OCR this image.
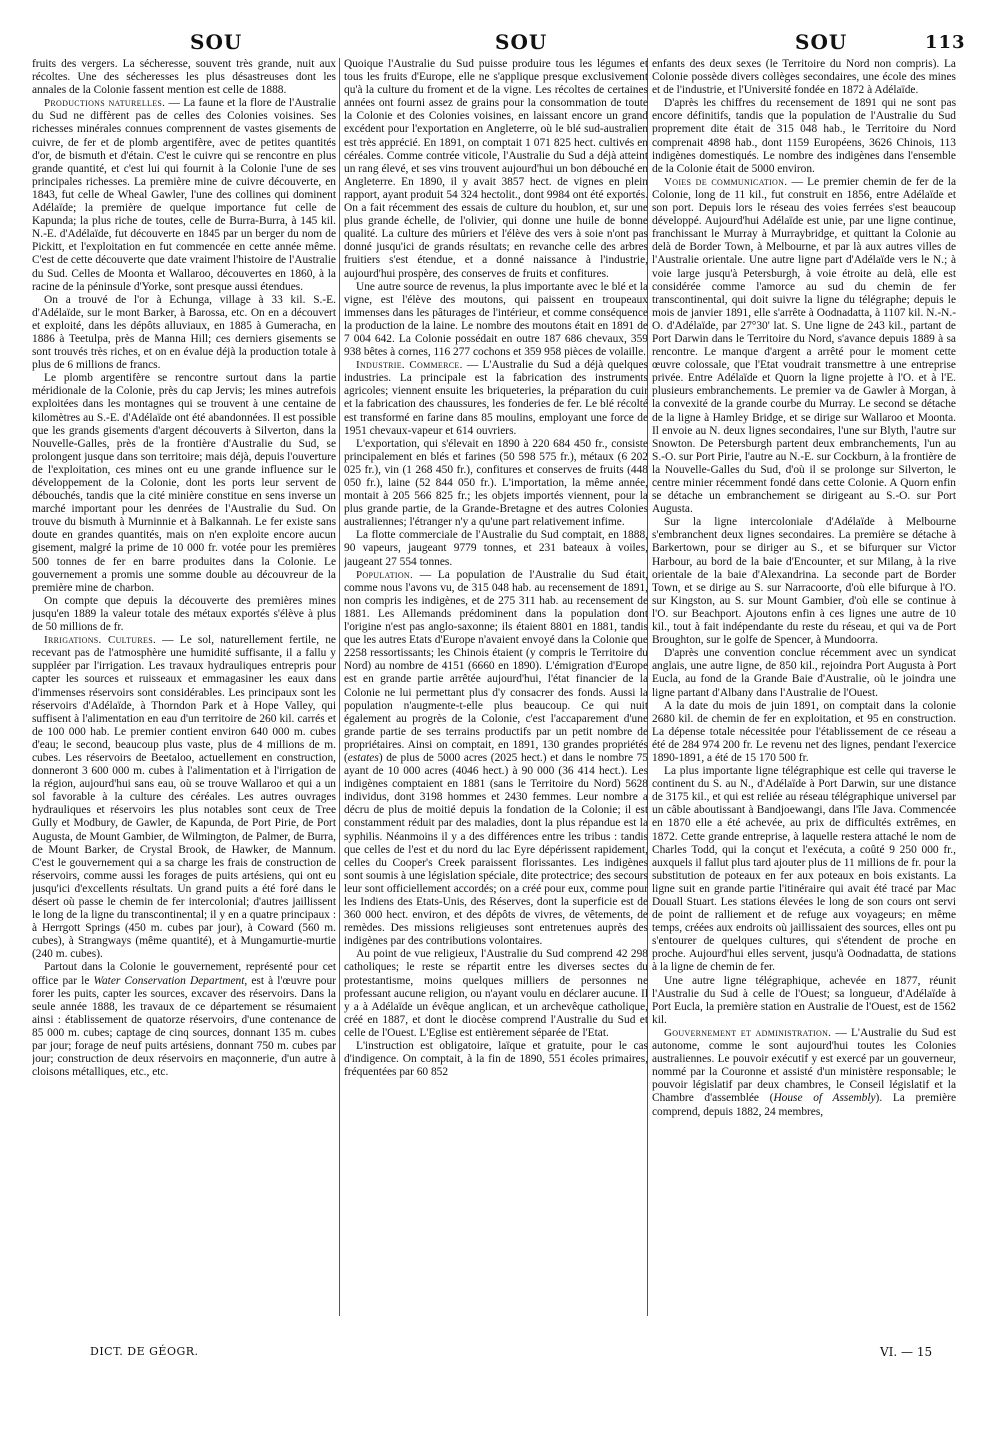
SOU	SOU	SOU	113

fruits des vergers. La sécheresse, souvent très grande, nuit aux récoltes. Une des sécheresses les plus désastreuses dont les annales de la Colonie fassent mention est celle de 1888.

Productions naturelles. — La faune et la flore de l'Australie du Sud ne diffèrent pas de celles des Colonies voisines. Ses richesses minérales connues comprennent de vastes gisements de cuivre, de fer et de plomb argentifère, avec de petites quantités d'or, de bismuth et d'étain. C'est le cuivre qui se rencontre en plus grande quantité, et c'est lui qui fournit à la Colonie l'une de ses principales richesses. La première mine de cuivre découverte, en 1843, fut celle de Wheal Gawler, l'une des collines qui dominent Adélaïde; la première de quelque importance fut celle de Kapunda; la plus riche de toutes, celle de Burra-Burra, à 145 kil. N.-E. d'Adélaïde, fut découverte en 1845 par un berger du nom de Pickitt, et l'exploitation en fut commencée en cette année même. C'est de cette découverte que date vraiment l'histoire de l'Australie du Sud. Celles de Moonta et Wallaroo, découvertes en 1860, à la racine de la péninsule d'Yorke, sont presque aussi étendues.

On a trouvé de l'or à Echunga, village à 33 kil. S.-E. d'Adélaïde, sur le mont Barker, à Barossa, etc. On en a découvert et exploité, dans les dépôts alluviaux, en 1885 à Gumeracha, en 1886 à Teetulpa, près de Manna Hill; ces derniers gisements se sont trouvés très riches, et on en évalue déjà la production totale à plus de 6 millions de francs.

Le plomb argentifère se rencontre surtout dans la partie méridionale de la Colonie, près du cap Jervis; les mines autrefois exploitées dans les montagnes qui se trouvent à une centaine de kilomètres au S.-E. d'Adélaïde ont été abandonnées. Il est possible que les grands gisements d'argent découverts à Silverton, dans la Nouvelle-Galles, près de la frontière d'Australie du Sud, se prolongent jusque dans son territoire; mais déjà, depuis l'ouverture de l'exploitation, ces mines ont eu une grande influence sur le développement de la Colonie, dont les ports leur servent de débouchés, tandis que la cité minière constitue en sens inverse un marché important pour les denrées de l'Australie du Sud. On trouve du bismuth à Murninnie et à Balkannah. Le fer existe sans doute en grandes quantités, mais on n'en exploite encore aucun gisement, malgré la prime de 10 000 fr. votée pour les premières 500 tonnes de fer en barre produites dans la Colonie. Le gouvernement a promis une somme double au découvreur de la première mine de charbon.

On compte que depuis la découverte des premières mines jusqu'en 1889 la valeur totale des métaux exportés s'élève à plus de 50 millions de fr.

Irrigations. Cultures. — Le sol, naturellement fertile, ne recevant pas de l'atmosphère une humidité suffisante, il a fallu y suppléer par l'irrigation. Les travaux hydrauliques entrepris pour capter les sources et ruisseaux et emmagasiner les eaux dans d'immenses réservoirs sont considérables. Les principaux sont les réservoirs d'Adélaïde, à Thorndon Park et à Hope Valley, qui suffisent à l'alimentation en eau d'un territoire de 260 kil. carrés et de 100 000 hab. Le premier contient environ 640 000 m. cubes d'eau; le second, beaucoup plus vaste, plus de 4 millions de m. cubes. Les réservoirs de Beetaloo, actuellement en construction, donneront 3 600 000 m. cubes à l'alimentation et à l'irrigation de la région, aujourd'hui sans eau, où se trouve Wallaroo et qui a un sol favorable à la culture des céréales. Les autres ouvrages hydrauliques et réservoirs les plus notables sont ceux de Tree Gully et Modbury, de Gawler, de Kapunda, de Port Pirie, de Port Augusta, de Mount Gambier, de Wilmington, de Palmer, de Burra, de Mount Barker, de Crystal Brook, de Hawker, de Mannum. C'est le gouvernement qui a sa charge les frais de construction de réservoirs, comme aussi les forages de puits artésiens, qui ont eu jusqu'ici d'excellents résultats. Un grand puits a été foré dans le désert où passe le chemin de fer intercolonial; d'autres jaillissent le long de la ligne du transcontinental; il y en a quatre principaux : à Herrgott Springs (450 m. cubes par jour), à Coward (560 m. cubes), à Strangways (même quantité), et à Mungamurtie-murtie (240 m. cubes).

Partout dans la Colonie le gouvernement, représenté pour cet office par le Water Conservation Department, est à l'œuvre pour forer les puits, capter les sources, excaver des réservoirs. Dans la seule année 1888, les travaux de ce département se résumaient ainsi : établissement de quatorze réservoirs, d'une contenance de 85 000 m. cubes; captage de cinq sources, donnant 135 m. cubes par jour; forage de neuf puits artésiens, donnant 750 m. cubes par jour; construction de deux réservoirs en maçonnerie, d'un autre à cloisons métalliques, etc., etc.

Quoique l'Australie du Sud puisse produire tous les légumes et tous les fruits d'Europe, elle ne s'applique presque exclusivement qu'à la culture du froment et de la vigne. Les récoltes de certaines années ont fourni assez de grains pour la consommation de toute la Colonie et des Colonies voisines, en laissant encore un grand excédent pour l'exportation en Angleterre, où le blé sud-australien est très apprécié. En 1891, on comptait 1 071 825 hect. cultivés en céréales. Comme contrée viticole, l'Australie du Sud a déjà atteint un rang élevé, et ses vins trouvent aujourd'hui un bon débouché en Angleterre. En 1890, il y avait 3857 hect. de vignes en plein rapport, ayant produit 54 324 hectolit., dont 9984 ont été exportés. On a fait récemment des essais de culture du houblon, et, sur une plus grande échelle, de l'olivier, qui donne une huile de bonne qualité. La culture des mûriers et l'élève des vers à soie n'ont pas donné jusqu'ici de grands résultats; en revanche celle des arbres fruitiers s'est étendue, et a donné naissance à l'industrie, aujourd'hui prospère, des conserves de fruits et confitures.

Une autre source de revenus, la plus importante avec le blé et la vigne, est l'élève des moutons, qui paissent en troupeaux immenses dans les pâturages de l'intérieur, et comme conséquence la production de la laine. Le nombre des moutons était en 1891 de 7 004 642. La Colonie possédait en outre 187 686 chevaux, 359 938 bêtes à cornes, 116 277 cochons et 359 958 pièces de volaille.

Industrie. Commerce. — L'Australie du Sud a déjà quelques industries. La principale est la fabrication des instruments agricoles; viennent ensuite les briqueteries, la préparation du cuir et la fabrication des chaussures, les fonderies de fer. Le blé récolté est transformé en farine dans 85 moulins, employant une force de 1951 chevaux-vapeur et 614 ouvriers.

L'exportation, qui s'élevait en 1890 à 220 684 450 fr., consiste principalement en blés et farines (50 598 575 fr.), métaux (6 202 025 fr.), vin (1 268 450 fr.), confitures et conserves de fruits (448 050 fr.), laine (52 844 050 fr.). L'importation, la même année, montait à 205 566 825 fr.; les objets importés viennent, pour la plus grande partie, de la Grande-Bretagne et des autres Colonies australiennes; l'étranger n'y a qu'une part relativement infime.

La flotte commerciale de l'Australie du Sud comptait, en 1888, 90 vapeurs, jaugeant 9779 tonnes, et 231 bateaux à voiles, jaugeant 27 554 tonnes.

Population. — La population de l'Australie du Sud était, comme nous l'avons vu, de 315 048 hab. au recensement de 1891, non compris les indigènes, et de 275 311 hab. au recensement de 1881. Les Allemands prédominent dans la population dont l'origine n'est pas anglo-saxonne; ils étaient 8801 en 1881, tandis que les autres Etats d'Europe n'avaient envoyé dans la Colonie que 2258 ressortissants; les Chinois étaient (y compris le Territoire du Nord) au nombre de 4151 (6660 en 1890). L'émigration d'Europe est en grande partie arrêtée aujourd'hui, l'état financier de la Colonie ne lui permettant plus d'y consacrer des fonds. Aussi la population n'augmente-t-elle plus beaucoup. Ce qui nuit également au progrès de la Colonie, c'est l'accaparement d'une grande partie de ses terrains productifs par un petit nombre de propriétaires. Ainsi on comptait, en 1891, 130 grandes propriétés (estates) de plus de 5000 acres (2025 hect.) et dans le nombre 75 ayant de 10 000 acres (4046 hect.) à 90 000 (36 414 hect.). Les indigènes comptaient en 1881 (sans le Territoire du Nord) 5628 individus, dont 3198 hommes et 2430 femmes. Leur nombre a décru de plus de moitié depuis la fondation de la Colonie; il est constamment réduit par des maladies, dont la plus répandue est la syphilis. Néanmoins il y a des différences entre les tribus : tandis que celles de l'est et du nord du lac Eyre dépérissent rapidement, celles du Cooper's Creek paraissent florissantes. Les indigènes sont soumis à une législation spéciale, dite protectrice; des secours leur sont officiellement accordés; on a créé pour eux, comme pour les Indiens des Etats-Unis, des Réserves, dont la superficie est de 360 000 hect. environ, et des dépôts de vivres, de vêtements, de remèdes. Des missions religieuses sont entretenues auprès des indigènes par des contributions volontaires.

Au point de vue religieux, l'Australie du Sud comprend 42 298 catholiques; le reste se répartit entre les diverses sectes du protestantisme, moins quelques milliers de personnes ne professant aucune religion, ou n'ayant voulu en déclarer aucune. Il y a à Adélaïde un évêque anglican, et un archevêque catholique, créé en 1887, et dont le diocèse comprend l'Australie du Sud et celle de l'Ouest. L'Eglise est entièrement séparée de l'Etat.

L'instruction est obligatoire, laïque et gratuite, pour le cas d'indigence. On comptait, à la fin de 1890, 551 écoles primaires, fréquentées par 60 852

enfants des deux sexes (le Territoire du Nord non compris). La Colonie possède divers collèges secondaires, une école des mines et de l'industrie, et l'Université fondée en 1872 à Adélaïde.

D'après les chiffres du recensement de 1891 qui ne sont pas encore définitifs, tandis que la population de l'Australie du Sud proprement dite était de 315 048 hab., le Territoire du Nord comprenait 4898 hab., dont 1159 Européens, 3626 Chinois, 113 indigènes domestiqués. Le nombre des indigènes dans l'ensemble de la Colonie était de 5000 environ.

Voies de communication. — Le premier chemin de fer de la Colonie, long de 11 kil., fut construit en 1856, entre Adélaïde et son port. Depuis lors le réseau des voies ferrées s'est beaucoup développé. Aujourd'hui Adélaïde est unie, par une ligne continue, franchissant le Murray à Murraybridge, et quittant la Colonie au delà de Border Town, à Melbourne, et par là aux autres villes de l'Australie orientale. Une autre ligne part d'Adélaïde vers le N.; à voie large jusqu'à Petersburgh, à voie étroite au delà, elle est considérée comme l'amorce au sud du chemin de fer transcontinental, qui doit suivre la ligne du télégraphe; depuis le mois de janvier 1891, elle s'arrête à Oodnadatta, à 1107 kil. N.-N.-O. d'Adélaïde, par 27°30' lat. S. Une ligne de 243 kil., partant de Port Darwin dans le Territoire du Nord, s'avance depuis 1889 à sa rencontre. Le manque d'argent a arrêté pour le moment cette œuvre colossale, que l'Etat voudrait transmettre à une entreprise privée. Entre Adélaïde et Quorn la ligne projette à l'O. et à l'E. plusieurs embranchements. Le premier va de Gawler à Morgan, à la convexité de la grande courbe du Murray. Le second se détache de la ligne à Hamley Bridge, et se dirige sur Wallaroo et Moonta. Il envoie au N. deux lignes secondaires, l'une sur Blyth, l'autre sur Snowton. De Petersburgh partent deux embranchements, l'un au S.-O. sur Port Pirie, l'autre au N.-E. sur Cockburn, à la frontière de la Nouvelle-Galles du Sud, d'où il se prolonge sur Silverton, le centre minier récemment fondé dans cette Colonie. A Quorn enfin se détache un embranchement se dirigeant au S.-O. sur Port Augusta.

Sur la ligne intercoloniale d'Adélaïde à Melbourne s'embranchent deux lignes secondaires. La première se détache à Barkertown, pour se diriger au S., et se bifurquer sur Victor Harbour, au bord de la baie d'Encounter, et sur Milang, à la rive orientale de la baie d'Alexandrina. La seconde part de Border Town, et se dirige au S. sur Narracoorte, d'où elle bifurque à l'O. sur Kingston, au S. sur Mount Gambier, d'où elle se continue à l'O. sur Beachport. Ajoutons enfin à ces lignes une autre de 10 kil., tout à fait indépendante du reste du réseau, et qui va de Port Broughton, sur le golfe de Spencer, à Mundoorra.

D'après une convention conclue récemment avec un syndicat anglais, une autre ligne, de 850 kil., rejoindra Port Augusta à Port Eucla, au fond de la Grande Baie d'Australie, où le joindra une ligne partant d'Albany dans l'Australie de l'Ouest.

A la date du mois de juin 1891, on comptait dans la colonie 2680 kil. de chemin de fer en exploitation, et 95 en construction. La dépense totale nécessitée pour l'établissement de ce réseau a été de 284 974 200 fr. Le revenu net des lignes, pendant l'exercice 1890-1891, a été de 15 170 500 fr.

La plus importante ligne télégraphique est celle qui traverse le continent du S. au N., d'Adélaïde à Port Darwin, sur une distance de 3175 kil., et qui est reliée au réseau télégraphique universel par un câble aboutissant à Bandjoewangi, dans l'île Java. Commencée en 1870 elle a été achevée, au prix de difficultés extrêmes, en 1872. Cette grande entreprise, à laquelle restera attaché le nom de Charles Todd, qui la conçut et l'exécuta, a coûté 9 250 000 fr., auxquels il fallut plus tard ajouter plus de 11 millions de fr. pour la substitution de poteaux en fer aux poteaux en bois existants. La ligne suit en grande partie l'itinéraire qui avait été tracé par Mac Douall Stuart. Les stations élevées le long de son cours ont servi de point de ralliement et de refuge aux voyageurs; en même temps, créées aux endroits où jaillissaient des sources, elles ont pu s'entourer de quelques cultures, qui s'étendent de proche en proche. Aujourd'hui elles servent, jusqu'à Oodnadatta, de stations à la ligne de chemin de fer.

Une autre ligne télégraphique, achevée en 1877, réunit l'Australie du Sud à celle de l'Ouest; sa longueur, d'Adélaïde à Port Eucla, la première station en Australie de l'Ouest, est de 1562 kil.

Gouvernement et administration. — L'Australie du Sud est autonome, comme le sont aujourd'hui toutes les Colonies australiennes. Le pouvoir exécutif y est exercé par un gouverneur, nommé par la Couronne et assisté d'un ministère responsable; le pouvoir législatif par deux chambres, le Conseil législatif et la Chambre d'assemblée (House of Assembly). La première comprend, depuis 1882, 24 membres,

DICT. DE GÉOGR.	VI. — 15
